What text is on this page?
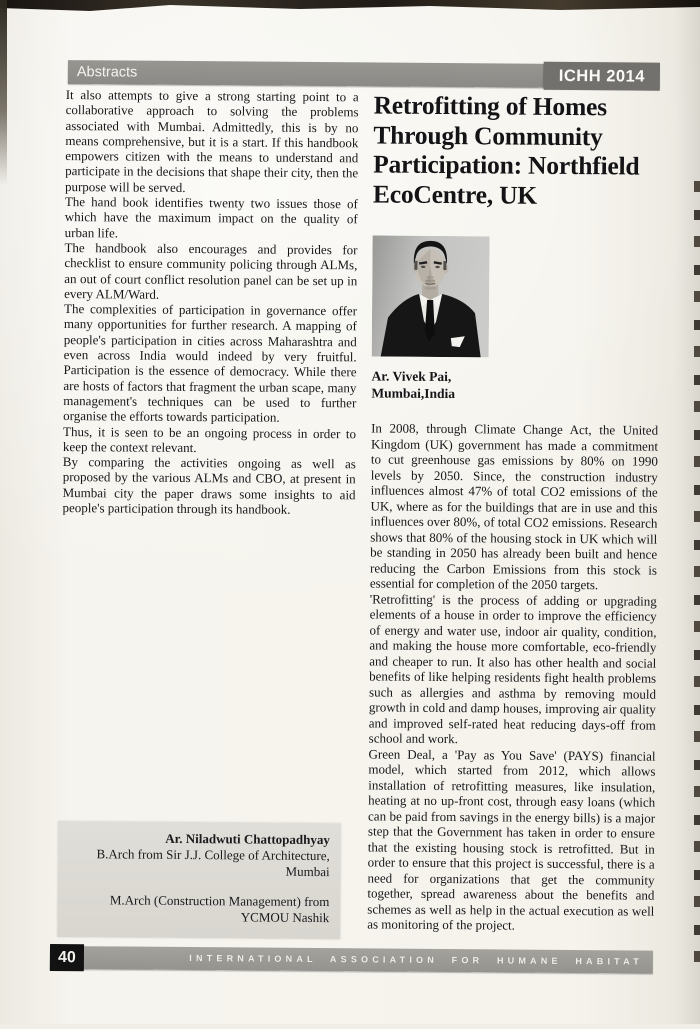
Abstracts	ICHH 2014

It also attempts to give a strong starting point to a collaborative approach to solving the problems associated with Mumbai. Admittedly, this is by no means comprehensive, but it is a start. If this handbook empowers citizen with the means to understand and participate in the decisions that shape their city, then the purpose will be served.

The hand book identifies twenty two issues those of which have the maximum impact on the quality of urban life.

The handbook also encourages and provides for checklist to ensure community policing through ALMs, an out of court conflict resolution panel can be set up in every ALM/Ward.

The complexities of participation in governance offer many opportunities for further research. A mapping of people's participation in cities across Maharashtra and even across India would indeed by very fruitful. Participation is the essence of democracy. While there are hosts of factors that fragment the urban scape, many management's techniques can be used to further organise the efforts towards participation.

Thus, it is seen to be an ongoing process in order to keep the context relevant.

By comparing the activities ongoing as well as proposed by the various ALMs and CBO, at present in Mumbai city the paper draws some insights to aid people's participation through its handbook.

Retrofitting of Homes Through Community Participation: Northfield EcoCentre, UK
Ar. Vivek Pai,
Mumbai,India

In 2008, through Climate Change Act, the United Kingdom (UK) government has made a commitment to cut greenhouse gas emissions by 80% on 1990 levels by 2050. Since, the construction industry influences almost 47% of total CO2 emissions of the UK, where as for the buildings that are in use and this influences over 80%, of total CO2 emissions. Research shows that 80% of the housing stock in UK which will be standing in 2050 has already been built and hence reducing the Carbon Emissions from this stock is essential for completion of the 2050 targets.

'Retrofitting' is the process of adding or upgrading elements of a house in order to improve the efficiency of energy and water use, indoor air quality, condition, and making the house more comfortable, eco-friendly and cheaper to run. It also has other health and social benefits of like helping residents fight health problems such as allergies and asthma by removing mould growth in cold and damp houses, improving air quality and improved self-rated heat reducing days-off from school and work.

Green Deal, a 'Pay as You Save' (PAYS) financial model, which started from 2012, which allows installation of retrofitting measures, like insulation, heating at no up-front cost, through easy loans (which can be paid from savings in the energy bills) is a major step that the Government has taken in order to ensure that the existing housing stock is retrofitted. But in order to ensure that this project is successful, there is a need for organizations that get the community together, spread awareness about the benefits and schemes as well as help in the actual execution as well as monitoring of the project.

Ar. Niladwuti Chattopadhyay

B.Arch from Sir J.J. College of Architecture, Mumbai

M.Arch (Construction Management) from YCMOU Nashik

40	INTERNATIONAL ASSOCIATION FOR HUMANE HABITAT
